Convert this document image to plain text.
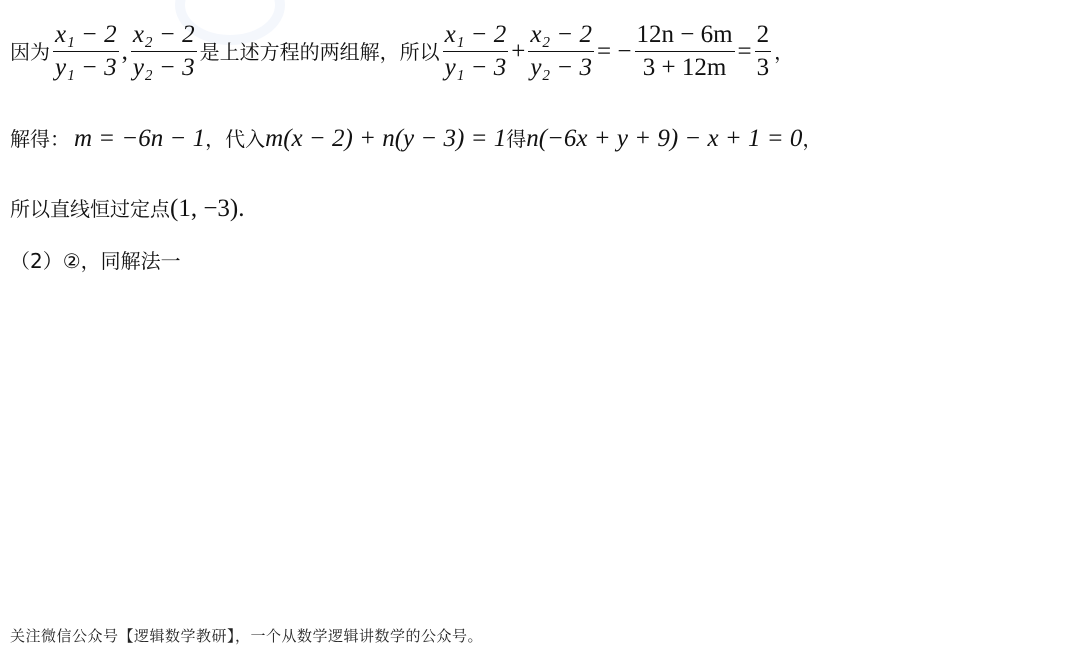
因为 $\frac{\text{x₁ − 2}}{\text{y₁ − 3}}$ , $\frac{\text{x₂ − 2}}{\text{y₂ − 3}}$ 是上述方程的两组解，所以 $\frac{\text{x₁ − 2}}{\text{y₁ − 3}} + \frac{\text{x₂ − 2}}{\text{y₂ − 3}}$ = − $\frac{12n - 6m}{3 + 12m} = \frac{2}{3}$ ，
解得： m = −6n − 1 ，代入 m(x − 2) + n(y − 3) = 1 得 n(−6x + y + 9) − x + 1 = 0 ，
所以直线恒过定点 (1, −3) .
（2）②，同解法一
关注微信公众号【逻辑数学教研】，一个从数学逻辑讲数学的公众号。
